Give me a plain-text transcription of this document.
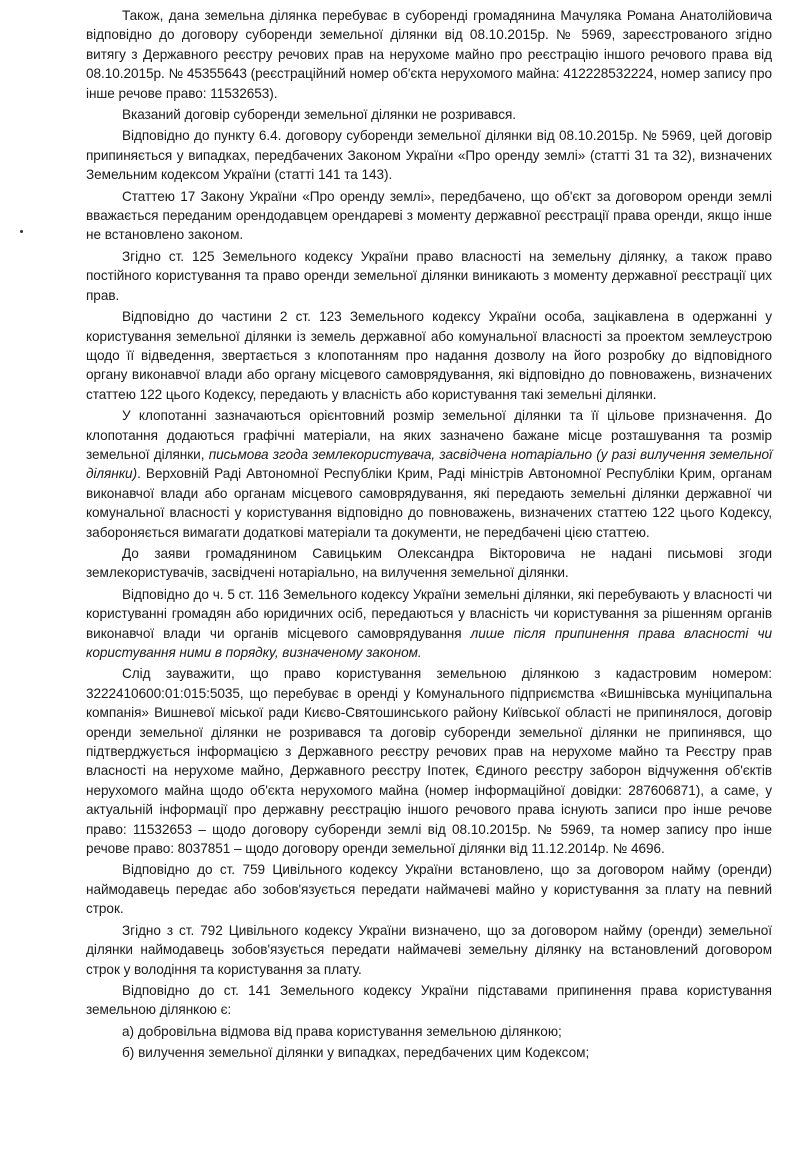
Також, дана земельна ділянка перебуває в суборенді громадянина Мачуляка Романа Анатолійовича відповідно до договору суборенди земельної ділянки від 08.10.2015р. № 5969, зареєстрованого згідно витягу з Державного реєстру речових прав на нерухоме майно про реєстрацію іншого речового права від 08.10.2015р. № 45355643 (реєстраційний номер об'єкта нерухомого майна: 412228532224, номер запису про інше речове право: 11532653).

Вказаний договір суборенди земельної ділянки не розривався.

Відповідно до пункту 6.4. договору суборенди земельної ділянки від 08.10.2015р. № 5969, цей договір припиняється у випадках, передбачених Законом України «Про оренду землі» (статті 31 та 32), визначених Земельним кодексом України (статті 141 та 143).

Статтею 17 Закону України «Про оренду землі», передбачено, що об'єкт за договором оренди землі вважається переданим орендодавцем орендареві з моменту державної реєстрації права оренди, якщо інше не встановлено законом.

Згідно ст. 125 Земельного кодексу України право власності на земельну ділянку, а також право постійного користування та право оренди земельної ділянки виникають з моменту державної реєстрації цих прав.

Відповідно до частини 2 ст. 123 Земельного кодексу України особа, зацікавлена в одержанні у користування земельної ділянки із земель державної або комунальної власності за проектом землеустрою щодо її відведення, звертається з клопотанням про надання дозволу на його розробку до відповідного органу виконавчої влади або органу місцевого самоврядування, які відповідно до повноважень, визначених статтею 122 цього Кодексу, передають у власність або користування такі земельні ділянки.

У клопотанні зазначаються орієнтовний розмір земельної ділянки та її цільове призначення. До клопотання додаються графічні матеріали, на яких зазначено бажане місце розташування та розмір земельної ділянки, письмова згода землекористувача, засвідчена нотаріально (у разі вилучення земельної ділянки). Верховній Раді Автономної Республіки Крим, Раді міністрів Автономної Республіки Крим, органам виконавчої влади або органам місцевого самоврядування, які передають земельні ділянки державної чи комунальної власності у користування відповідно до повноважень, визначених статтею 122 цього Кодексу, забороняється вимагати додаткові матеріали та документи, не передбачені цією статтею.

До заяви громадянином Савицьким Олександра Вікторовича не надані письмові згоди землекористувачів, засвідчені нотаріально, на вилучення земельної ділянки.

Відповідно до ч. 5 ст. 116 Земельного кодексу України земельні ділянки, які перебувають у власності чи користуванні громадян або юридичних осіб, передаються у власність чи користування за рішенням органів виконавчої влади чи органів місцевого самоврядування лише після припинення права власності чи користування ними в порядку, визначеному законом.

Слід зауважити, що право користування земельною ділянкою з кадастровим номером: 3222410600:01:015:5035, що перебуває в оренді у Комунального підприємства «Вишнівська муніципальна компанія» Вишневої міської ради Києво-Святошинського району Київської області не припинялося, договір оренди земельної ділянки не розривався та договір суборенди земельної ділянки не припинявся, що підтверджується інформацією з Державного реєстру речових прав на нерухоме майно та Реєстру прав власності на нерухоме майно, Державного реєстру Іпотек, Єдиного реєстру заборон відчуження об'єктів нерухомого майна щодо об'єкта нерухомого майна (номер інформаційної довідки: 287606871), а саме, у актуальній інформації про державну реєстрацію іншого речового права існують записи про інше речове право: 11532653 – щодо договору суборенди землі від 08.10.2015р. № 5969, та номер запису про інше речове право: 8037851 – щодо договору оренди земельної ділянки від 11.12.2014р. № 4696.

Відповідно до ст. 759 Цивільного кодексу України встановлено, що за договором найму (оренди) наймодавець передає або зобов'язується передати наймачеві майно у користування за плату на певний строк.

Згідно з ст. 792 Цивільного кодексу України визначено, що за договором найму (оренди) земельної ділянки наймодавець зобов'язується передати наймачеві земельну ділянку на встановлений договором строк у володіння та користування за плату.

Відповідно до ст. 141 Земельного кодексу України підставами припинення права користування земельною ділянкою є:

а) добровільна відмова від права користування земельною ділянкою;

б) вилучення земельної ділянки у випадках, передбачених цим Кодексом;
